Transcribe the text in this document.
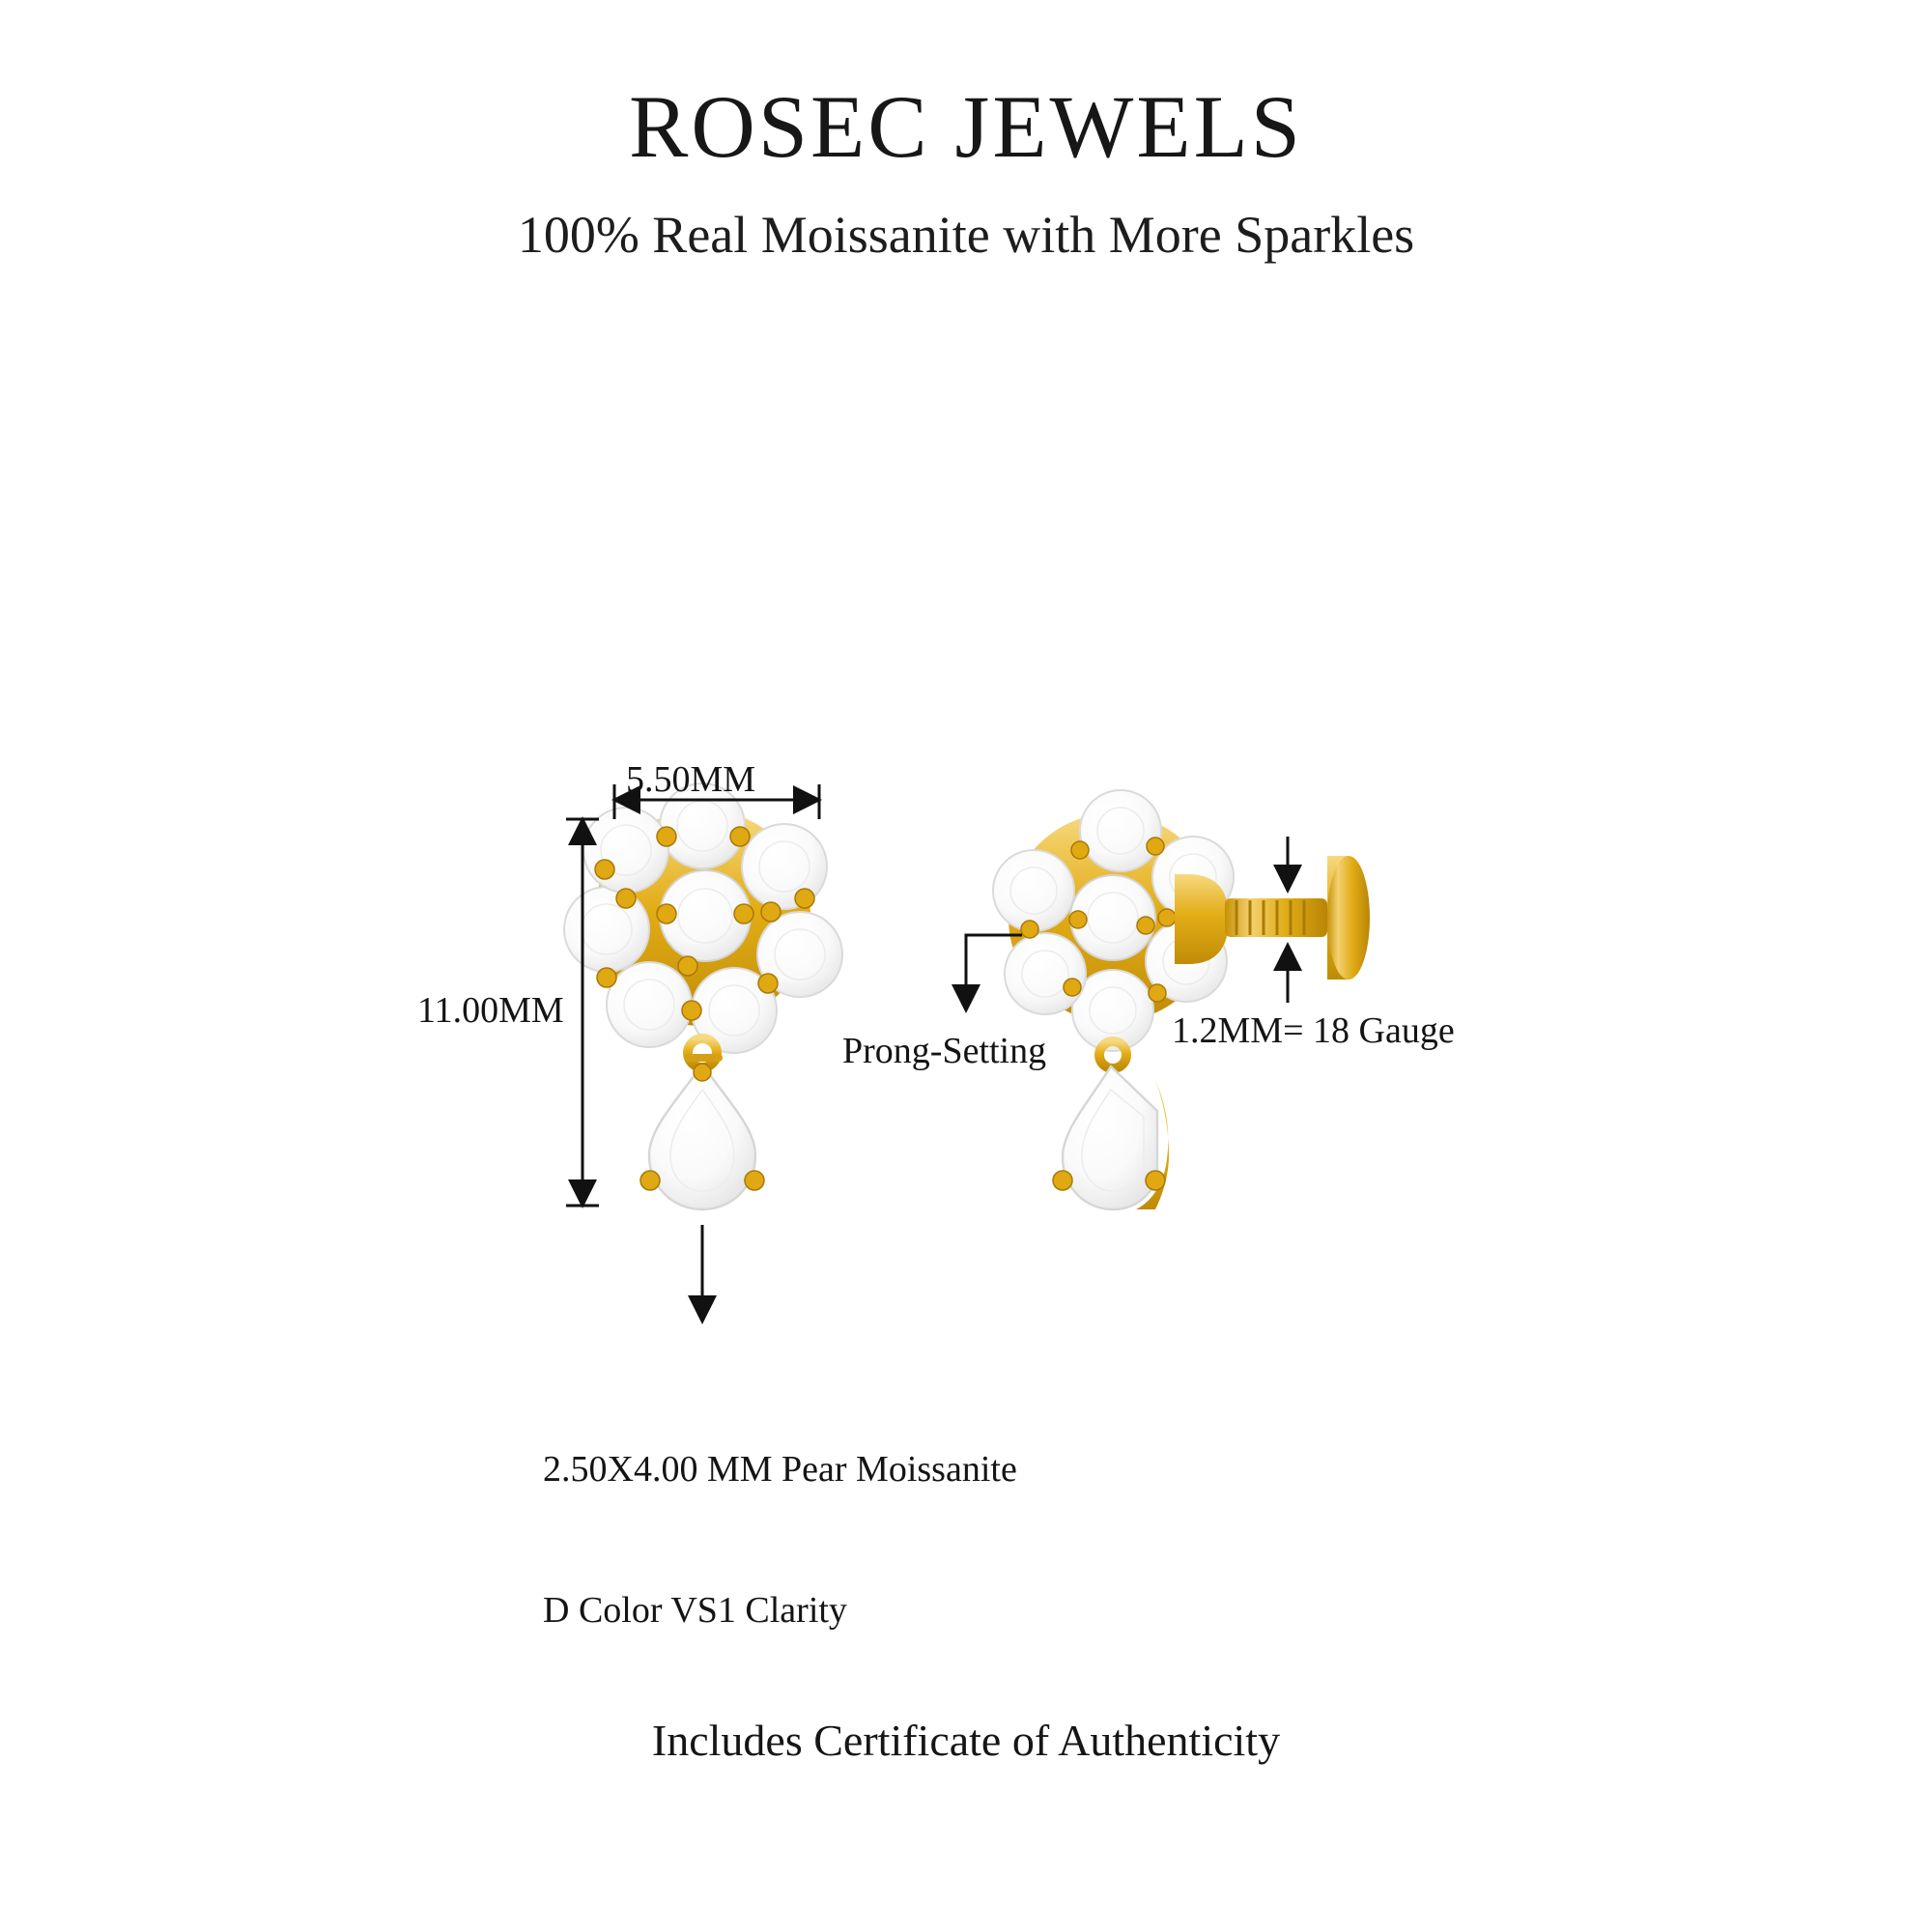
ROSEC JEWELS
100% Real Moissanite with More Sparkles
5.50MM
11.00MM	1.2MM= 18 Gauge
Prong-Setting

2.50X4.00 MM Pear Moissanite

D Color VS1 Clarity

Includes Certificate of Authenticity
